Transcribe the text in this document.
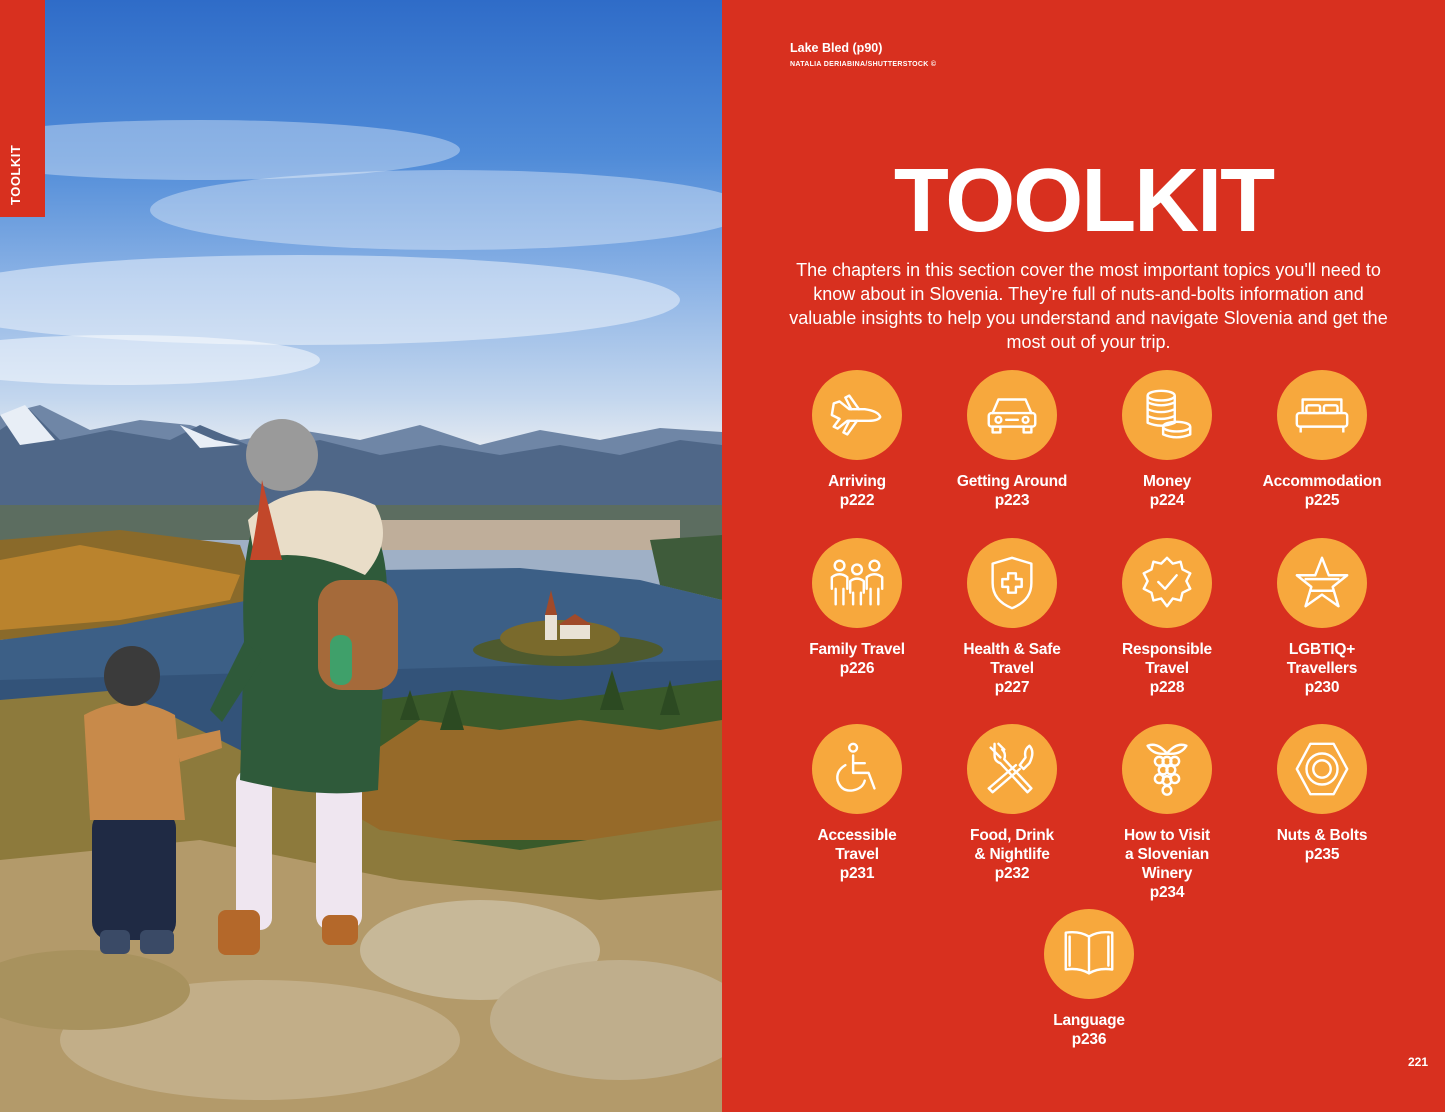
TOOLKIT
Lake Bled (p90)
NATALIA DERIABINA/SHUTTERSTOCK ©
TOOLKIT

The chapters in this section cover the most important topics you'll need to know about in Slovenia. They're full of nuts-and-bolts information and valuable insights to help you understand and navigate Slovenia and get the most out of your trip.

Arriving
p222
Getting Around
p223
Money
p224
Accommodation
p225
Family Travel
p226
Health & Safe
Travel
p227
Responsible
Travel
p228
LGBTIQ+
Travellers
p230
Accessible
Travel
p231
Food, Drink
& Nightlife
p232
How to Visit
a Slovenian
Winery
p234
Nuts & Bolts
p235
Language
p236
221
